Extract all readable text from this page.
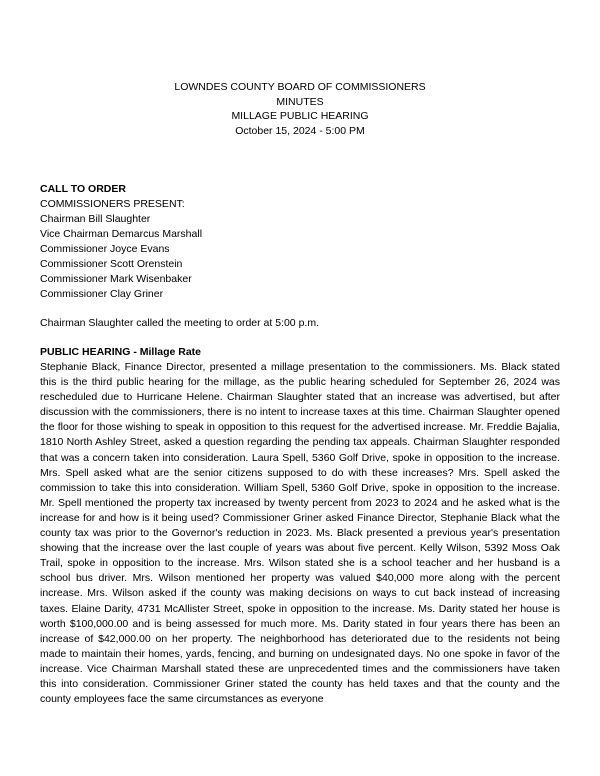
LOWNDES COUNTY BOARD OF COMMISSIONERS
MINUTES
MILLAGE PUBLIC HEARING
October 15, 2024 - 5:00 PM
CALL TO ORDER
COMMISSIONERS PRESENT:
Chairman Bill Slaughter
Vice Chairman Demarcus Marshall
Commissioner Joyce Evans
Commissioner Scott Orenstein
Commissioner Mark Wisenbaker
Commissioner Clay Griner
Chairman Slaughter called the meeting to order at 5:00 p.m.
PUBLIC HEARING - Millage Rate

Stephanie Black, Finance Director, presented a millage presentation to the commissioners. Ms. Black stated this is the third public hearing for the millage, as the public hearing scheduled for September 26, 2024 was rescheduled due to Hurricane Helene. Chairman Slaughter stated that an increase was advertised, but after discussion with the commissioners, there is no intent to increase taxes at this time. Chairman Slaughter opened the floor for those wishing to speak in opposition to this request for the advertised increase. Mr. Freddie Bajalia, 1810 North Ashley Street, asked a question regarding the pending tax appeals. Chairman Slaughter responded that was a concern taken into consideration. Laura Spell, 5360 Golf Drive, spoke in opposition to the increase. Mrs. Spell asked what are the senior citizens supposed to do with these increases? Mrs. Spell asked the commission to take this into consideration. William Spell, 5360 Golf Drive, spoke in opposition to the increase. Mr. Spell mentioned the property tax increased by twenty percent from 2023 to 2024 and he asked what is the increase for and how is it being used? Commissioner Griner asked Finance Director, Stephanie Black what the county tax was prior to the Governor's reduction in 2023. Ms. Black presented a previous year's presentation showing that the increase over the last couple of years was about five percent. Kelly Wilson, 5392 Moss Oak Trail, spoke in opposition to the increase. Mrs. Wilson stated she is a school teacher and her husband is a school bus driver. Mrs. Wilson mentioned her property was valued $40,000 more along with the percent increase. Mrs. Wilson asked if the county was making decisions on ways to cut back instead of increasing taxes. Elaine Darity, 4731 McAllister Street, spoke in opposition to the increase. Ms. Darity stated her house is worth $100,000.00 and is being assessed for much more. Ms. Darity stated in four years there has been an increase of $42,000.00 on her property. The neighborhood has deteriorated due to the residents not being made to maintain their homes, yards, fencing, and burning on undesignated days. No one spoke in favor of the increase. Vice Chairman Marshall stated these are unprecedented times and the commissioners have taken this into consideration. Commissioner Griner stated the county has held taxes and that the county and the county employees face the same circumstances as everyone
